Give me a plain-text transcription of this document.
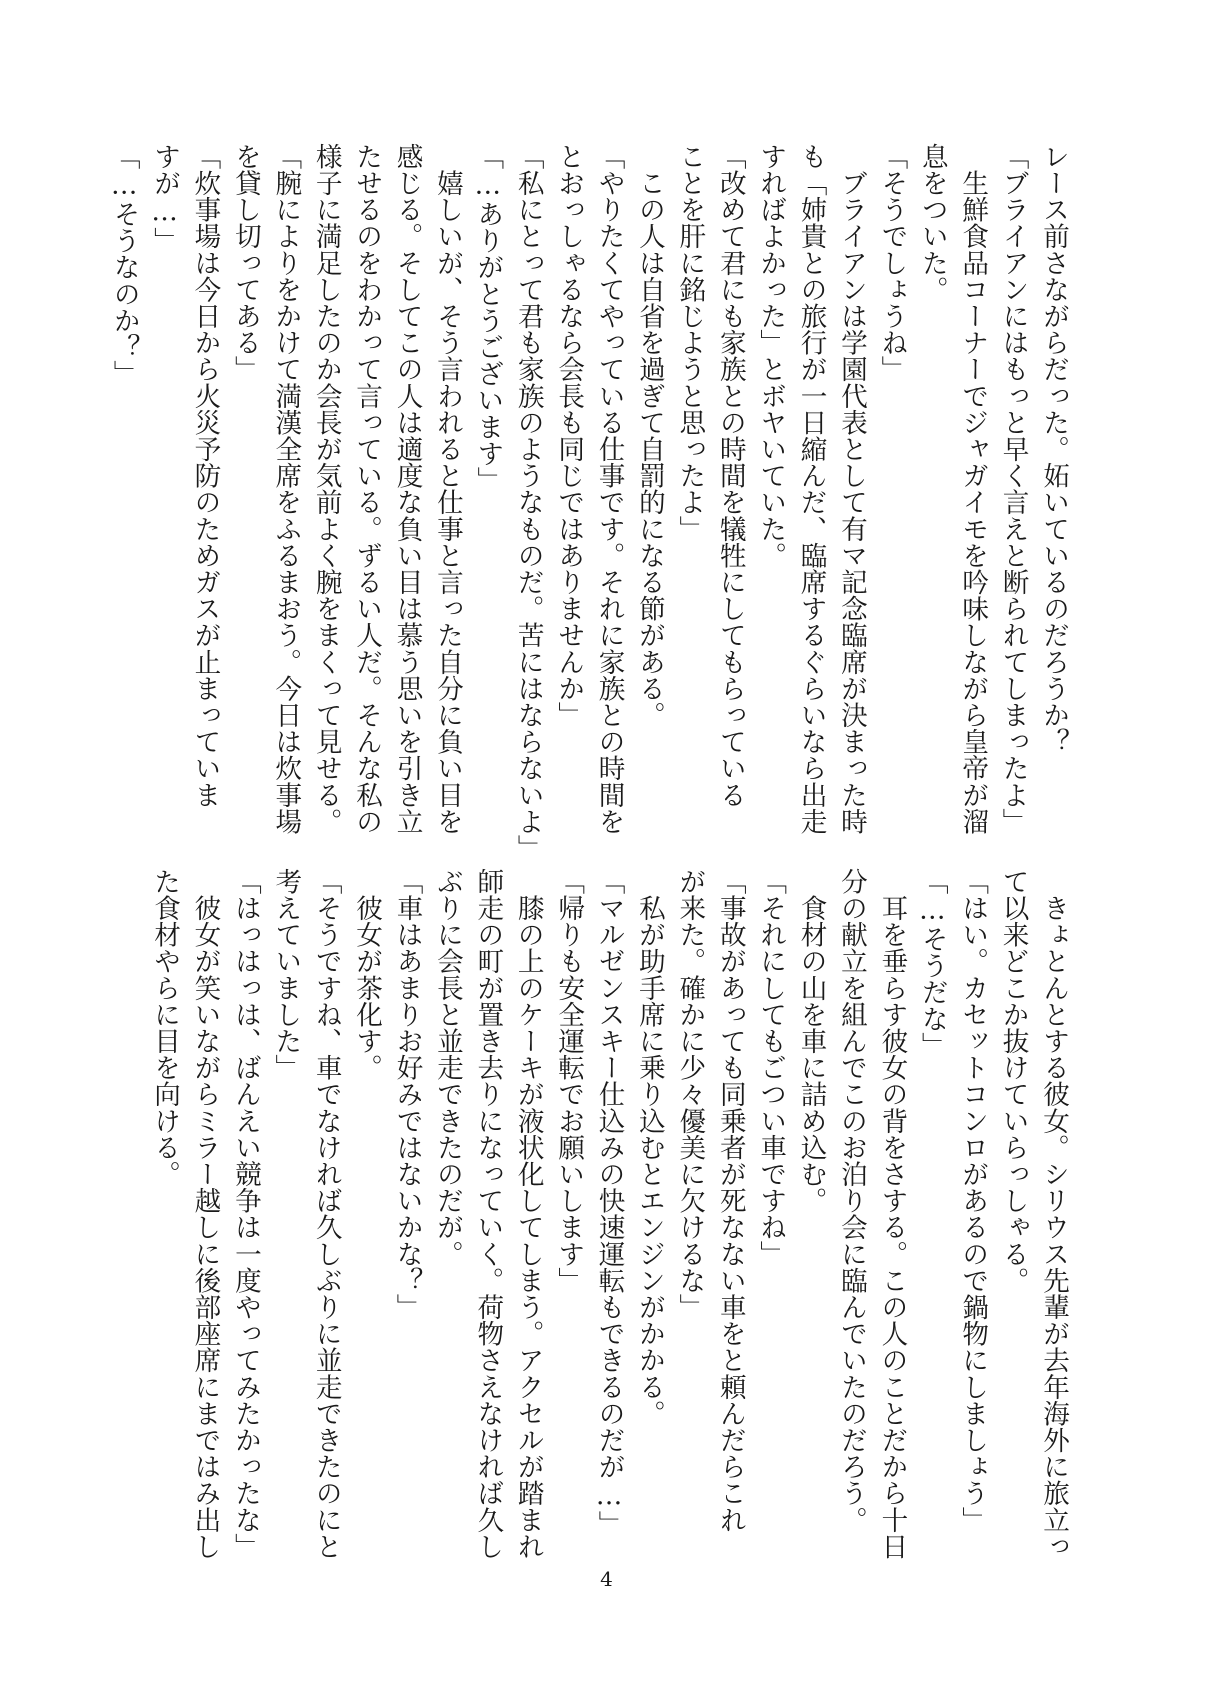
レース前さながらだった。妬いているのだろうか？
「ブライアンにはもっと早く言えと断られてしまったよ」
　生鮮食品コーナーでジャガイモを吟味しながら皇帝が溜
息をついた。
「そうでしょうね」
　ブライアンは学園代表として有マ記念臨席が決まった時
も「姉貴との旅行が一日縮んだ、臨席するぐらいなら出走
すればよかった」とボヤいていた。
「改めて君にも家族との時間を犠牲にしてもらっている
ことを肝に銘じようと思ったよ」
　この人は自省を過ぎて自罰的になる節がある。
「やりたくてやっている仕事です。それに家族との時間を
とおっしゃるなら会長も同じではありませんか」
「私にとって君も家族のようなものだ。苦にはならないよ」
「…ありがとうございます」
　嬉しいが、そう言われると仕事と言った自分に負い目を
感じる。そしてこの人は適度な負い目は慕う思いを引き立
たせるのをわかって言っている。ずるい人だ。そんな私の
様子に満足したのか会長が気前よく腕をまくって見せる。
「腕によりをかけて満漢全席をふるまおう。今日は炊事場
を貸し切ってある」
「炊事場は今日から火災予防のためガスが止まっていま
すが…」
「…そうなのか？」
　きょとんとする彼女。シリウス先輩が去年海外に旅立っ
て以来どこか抜けていらっしゃる。
「はい。カセットコンロがあるので鍋物にしましょう」
「…そうだな」
　耳を垂らす彼女の背をさする。この人のことだから十日
分の献立を組んでこのお泊り会に臨んでいたのだろう。
　食材の山を車に詰め込む。
「それにしてもごつい車ですね」
「事故があっても同乗者が死なない車をと頼んだらこれ
が来た。確かに少々優美に欠けるな」
　私が助手席に乗り込むとエンジンがかかる。
「マルゼンスキー仕込みの快速運転もできるのだが…」
「帰りも安全運転でお願いします」
　膝の上のケーキが液状化してしまう。アクセルが踏まれ
師走の町が置き去りになっていく。荷物さえなければ久し
ぶりに会長と並走できたのだが。
「車はあまりお好みではないかな？」
　彼女が茶化す。
「そうですね、車でなければ久しぶりに並走できたのにと
考えていました」
「はっはっは、ばんえい競争は一度やってみたかったな」
　彼女が笑いながらミラー越しに後部座席にまではみ出し
た食材やらに目を向ける。
4
